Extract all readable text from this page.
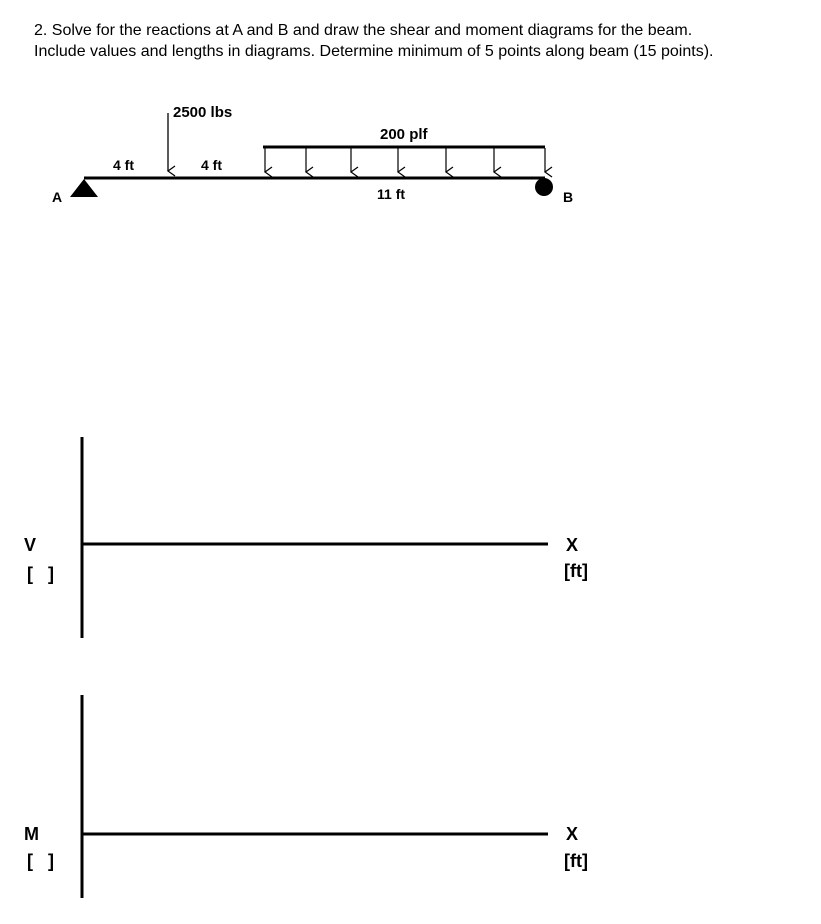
2. Solve for the reactions at A and B and draw the shear and moment diagrams for the beam.

Include values and lengths in diagrams. Determine minimum of 5 points along beam (15 points).

A	B
2500 lbs
200 plf
4 ft	4 ft
11 ft
V
[   ]
X
[ft]
M
[   ]
X
[ft]
